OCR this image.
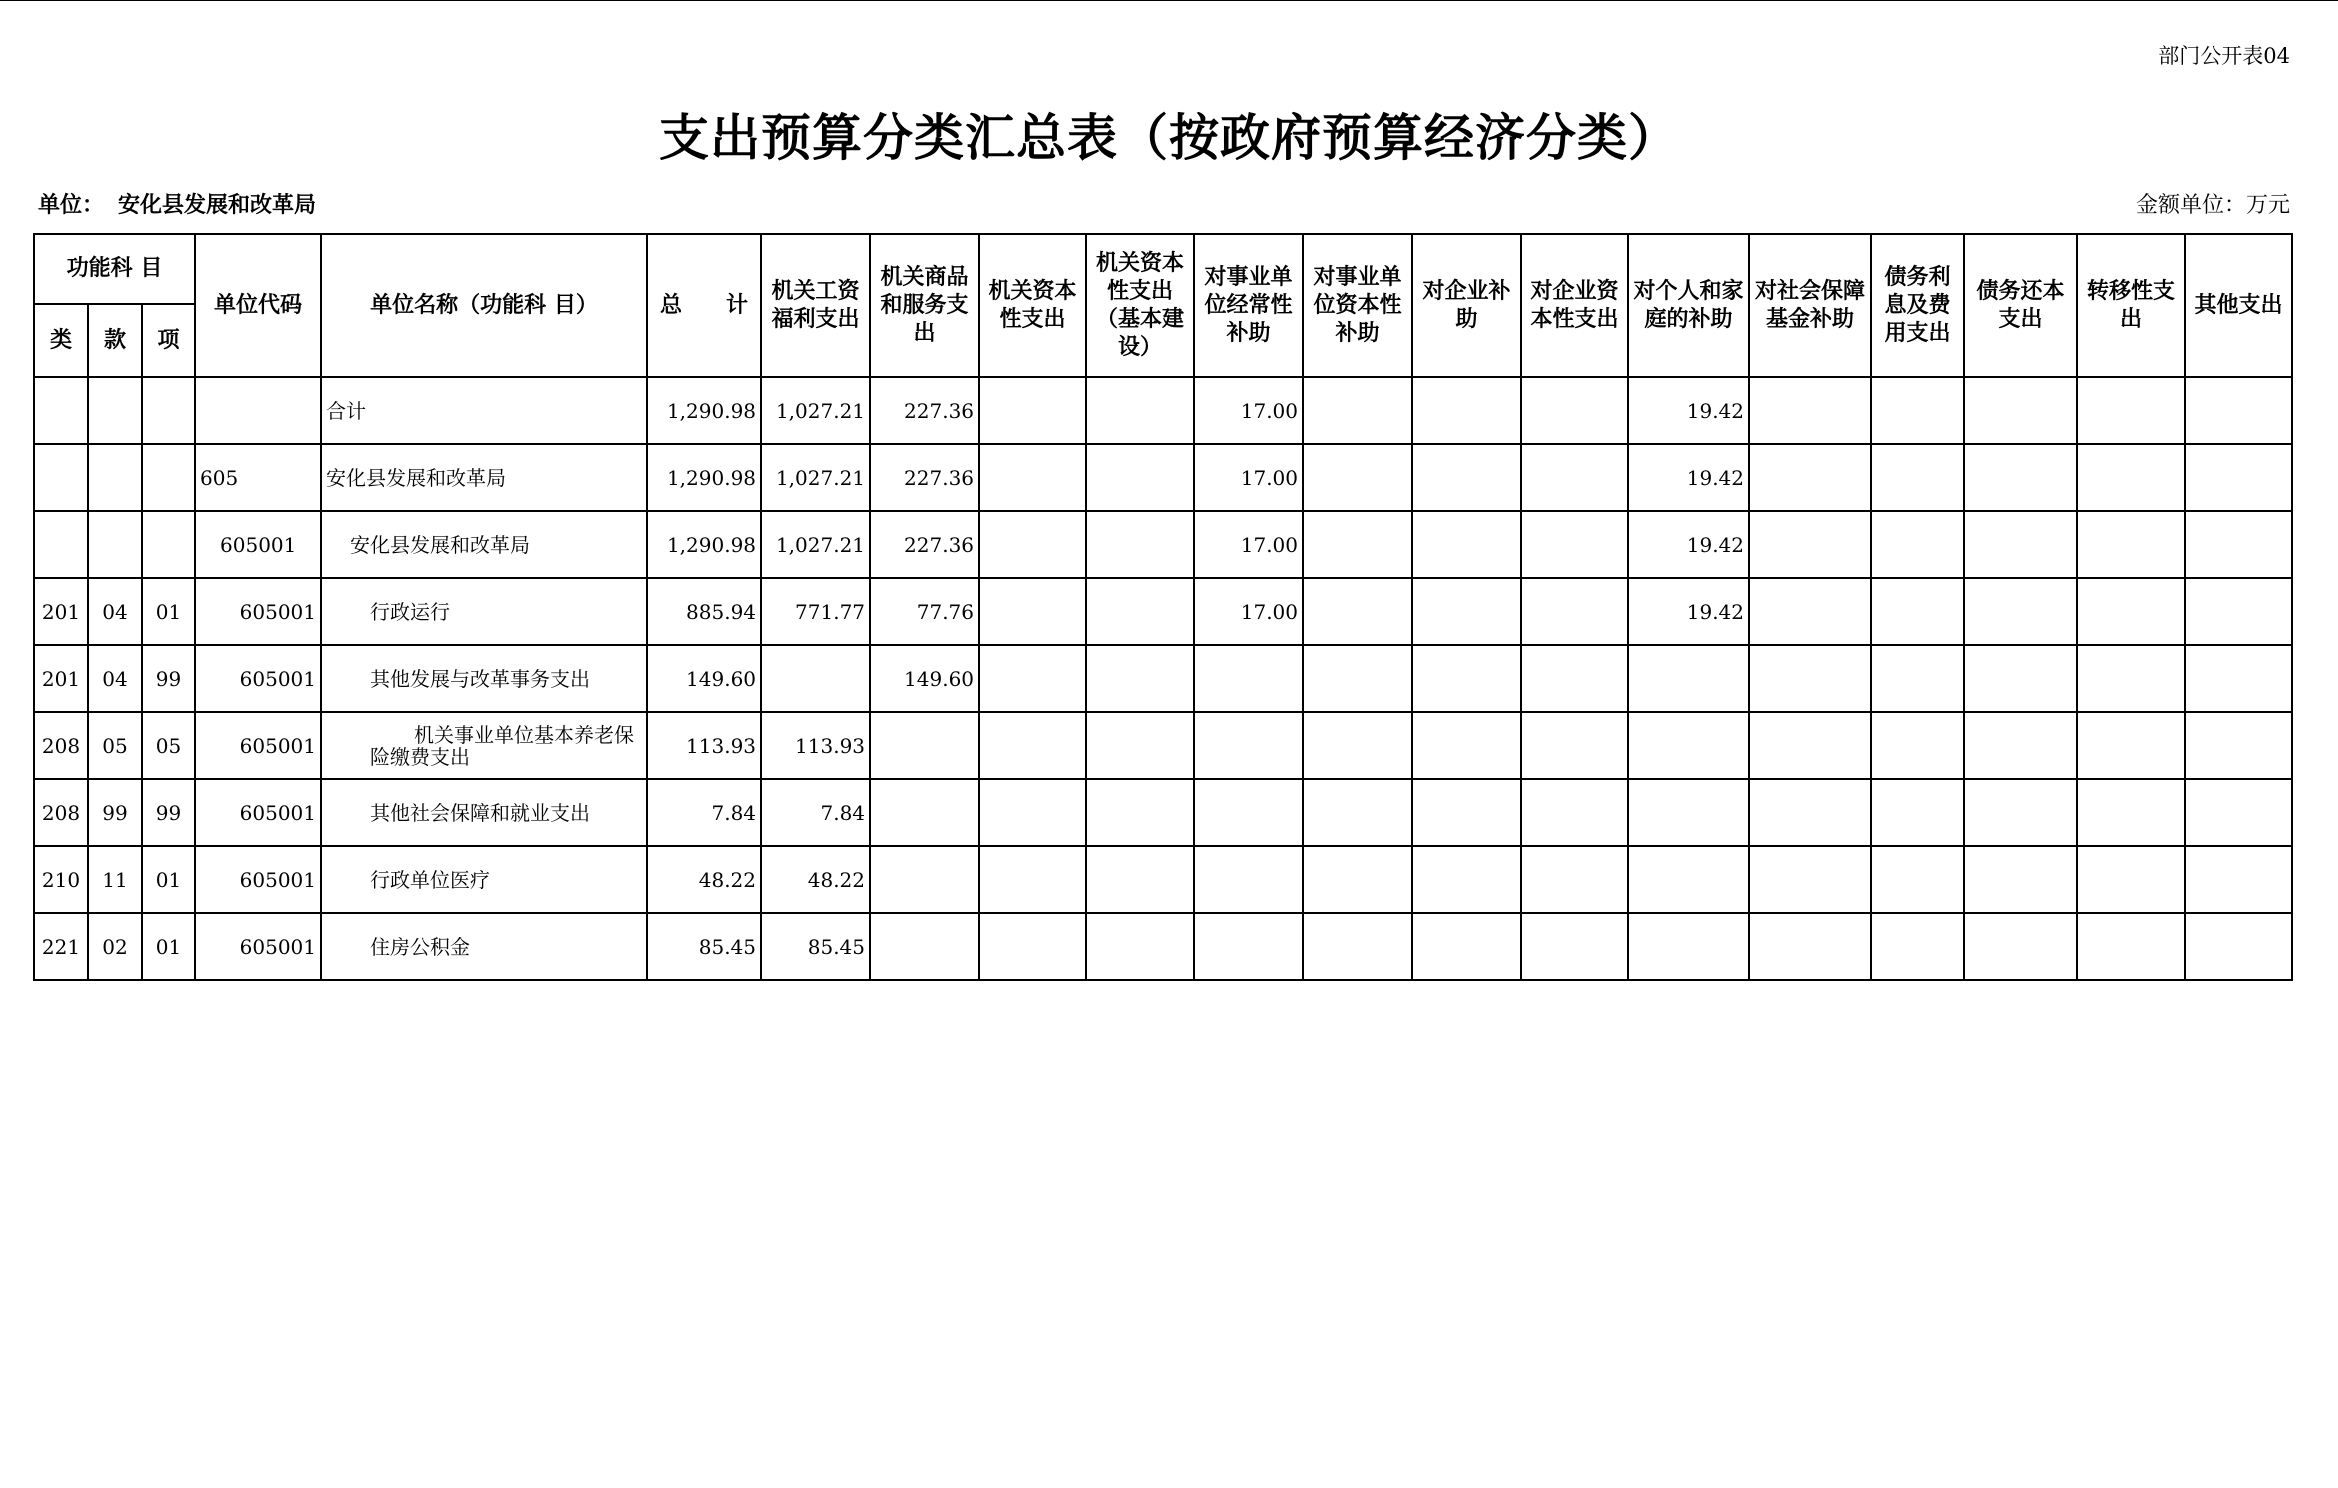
部门公开表04
支出预算分类汇总表（按政府预算经济分类）
单位： 安化县发展和改革局	金额单位：万元
功能科 目			单位代码	单位名称（功能科 目）	总　　计	机关工资福利支出	机关商品和服务支出	机关资本性支出	机关资本性支出（基本建设）	对事业单位经常性补助	对事业单位资本性补助	对企业补助	对企业资本性支出	对个人和家庭的补助	对社会保障基金补助	债务利息及费用支出	债务还本支出	转移性支出	其他支出
类	款	项																	
				合计	1,290.98	1,027.21	227.36			17.00				19.42					
			605	安化县发展和改革局	1,290.98	1,027.21	227.36			17.00				19.42					
			605001	安化县发展和改革局	1,290.98	1,027.21	227.36			17.00				19.42					
201	04	01	605001	行政运行	885.94	771.77	77.76			17.00				19.42					
201	04	99	605001	其他发展与改革事务支出	149.60		149.60												
208	05	05	605001	机关事业单位基本养老保险缴费支出	113.93	113.93													
208	99	99	605001	其他社会保障和就业支出	7.84	7.84													
210	11	01	605001	行政单位医疗	48.22	48.22													
221	02	01	605001	住房公积金	85.45	85.45													
